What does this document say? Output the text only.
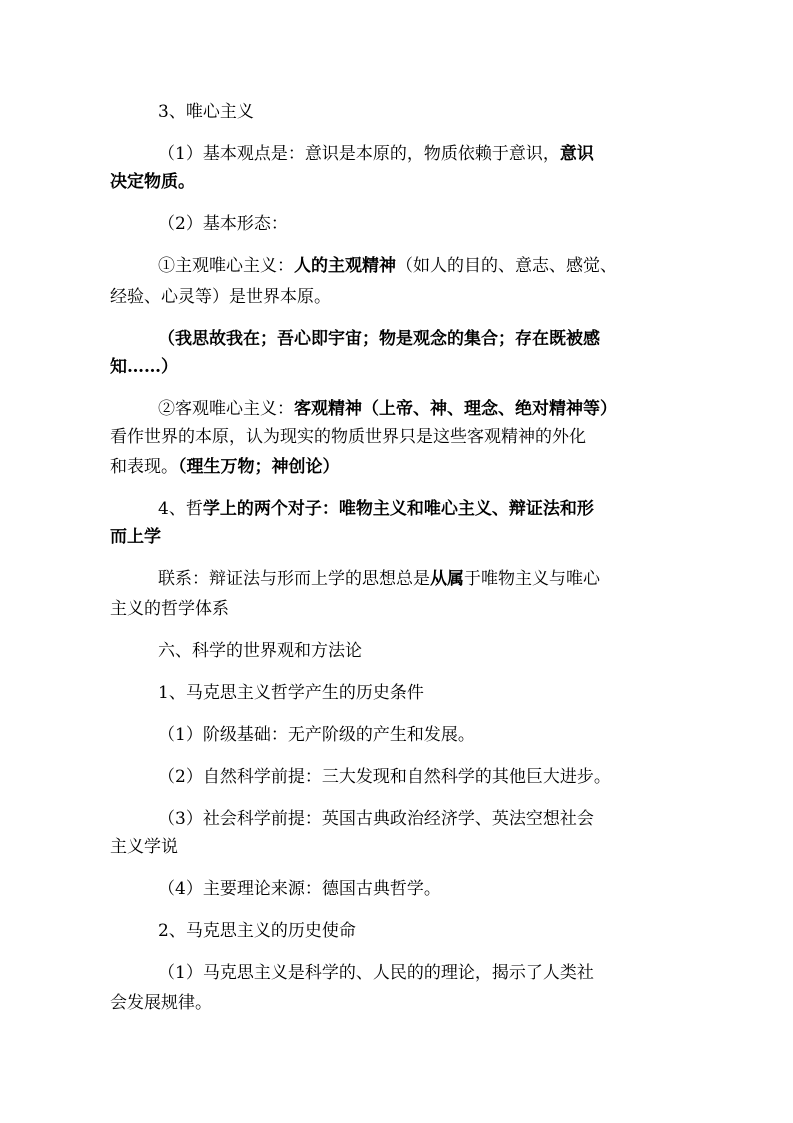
3、唯心主义

（1）基本观点是：意识是本原的，物质依赖于意识，意识

决定物质。

（2）基本形态：

①主观唯心主义：人的主观精神（如人的目的、意志、感觉、

经验、心灵等）是世界本原。

（我思故我在；吾心即宇宙；物是观念的集合；存在既被感

知……）

②客观唯心主义：客观精神（上帝、神、理念、绝对精神等）

看作世界的本原，认为现实的物质世界只是这些客观精神的外化

和表现。（理生万物；神创论）

4、哲学上的两个对子：唯物主义和唯心主义、辩证法和形

而上学

联系：辩证法与形而上学的思想总是从属于唯物主义与唯心

主义的哲学体系

六、科学的世界观和方法论

1、马克思主义哲学产生的历史条件

（1）阶级基础：无产阶级的产生和发展。

（2）自然科学前提：三大发现和自然科学的其他巨大进步。

（3）社会科学前提：英国古典政治经济学、英法空想社会

主义学说

（4）主要理论来源：德国古典哲学。

2、马克思主义的历史使命

（1）马克思主义是科学的、人民的的理论，揭示了人类社

会发展规律。
